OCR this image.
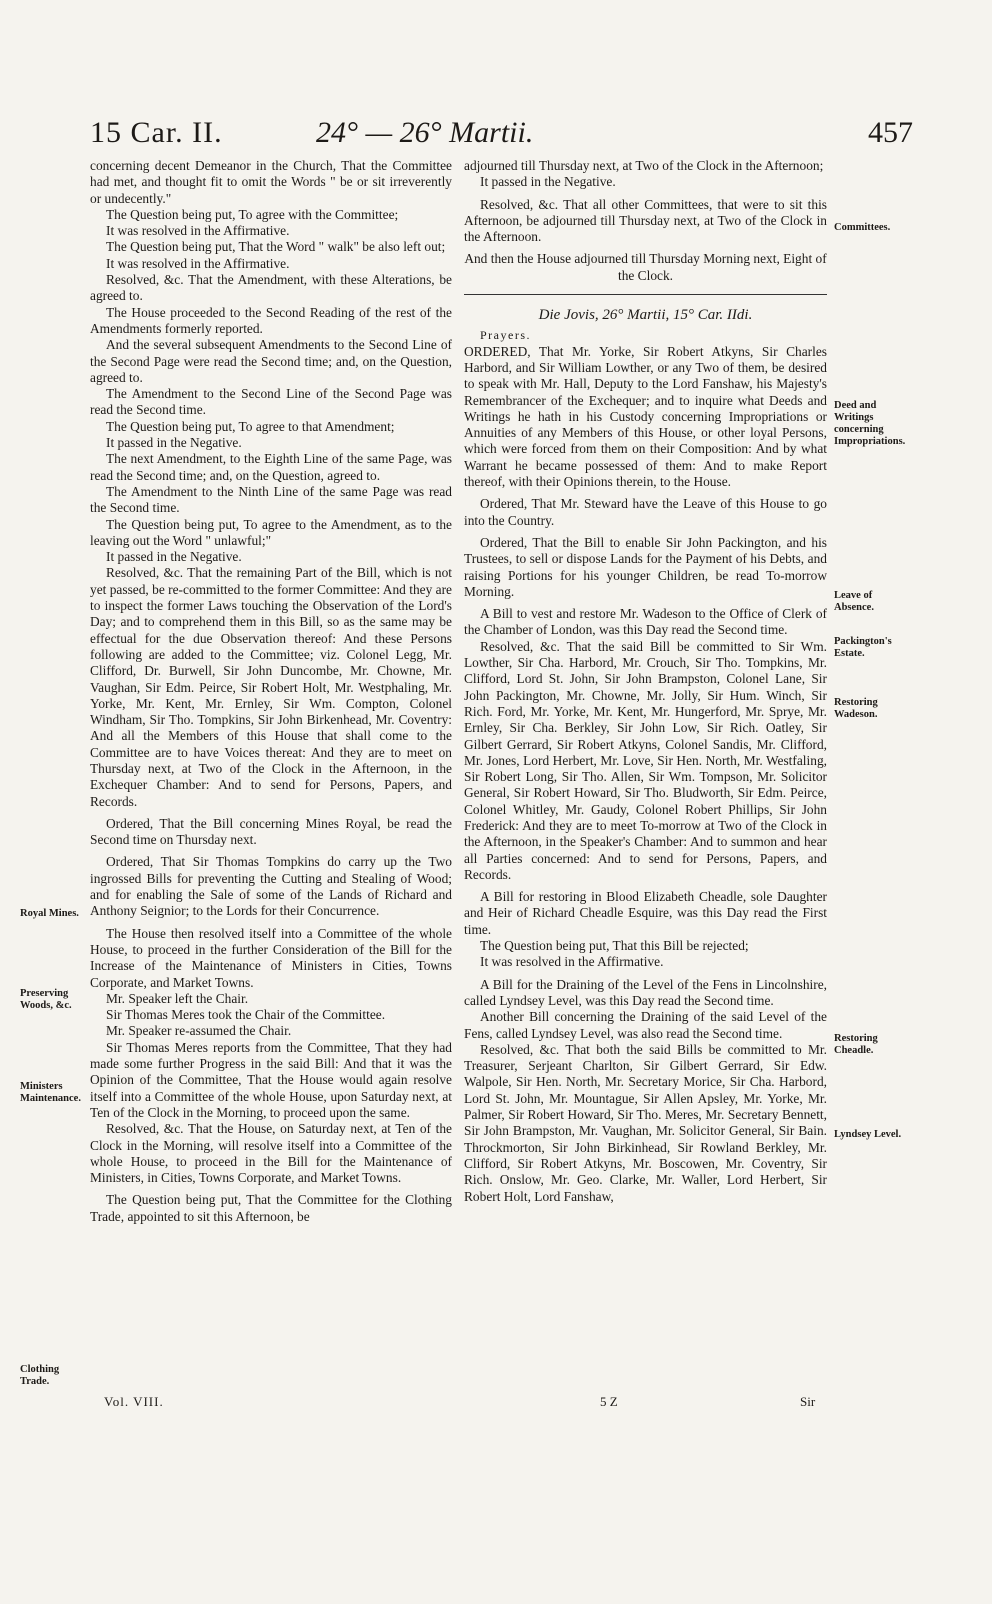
15 Car. II.	24° — 26° Martii.	457

concerning decent Demeanor in the Church, That the Committee had met, and thought fit to omit the Words " be or sit irreverently or undecently."

The Question being put, To agree with the Committee;

It was resolved in the Affirmative.

The Question being put, That the Word " walk" be also left out;

It was resolved in the Affirmative.

Resolved, &c. That the Amendment, with these Alterations, be agreed to.

The House proceeded to the Second Reading of the rest of the Amendments formerly reported.

And the several subsequent Amendments to the Second Line of the Second Page were read the Second time; and, on the Question, agreed to.

The Amendment to the Second Line of the Second Page was read the Second time.

The Question being put, To agree to that Amendment;

It passed in the Negative.

The next Amendment, to the Eighth Line of the same Page, was read the Second time; and, on the Question, agreed to.

The Amendment to the Ninth Line of the same Page was read the Second time.

The Question being put, To agree to the Amendment, as to the leaving out the Word " unlawful;"

It passed in the Negative.

Resolved, &c. That the remaining Part of the Bill, which is not yet passed, be re-committed to the former Committee: And they are to inspect the former Laws touching the Observation of the Lord's Day; and to comprehend them in this Bill, so as the same may be effectual for the due Observation thereof: And these Persons following are added to the Committee; viz. Colonel Legg, Mr. Clifford, Dr. Burwell, Sir John Duncombe, Mr. Chowne, Mr. Vaughan, Sir Edm. Peirce, Sir Robert Holt, Mr. Westphaling, Mr. Yorke, Mr. Kent, Mr. Ernley, Sir Wm. Compton, Colonel Windham, Sir Tho. Tompkins, Sir John Birkenhead, Mr. Coventry: And all the Members of this House that shall come to the Committee are to have Voices thereat: And they are to meet on Thursday next, at Two of the Clock in the Afternoon, in the Exchequer Chamber: And to send for Persons, Papers, and Records.

Ordered, That the Bill concerning Mines Royal, be read the Second time on Thursday next.

Ordered, That Sir Thomas Tompkins do carry up the Two ingrossed Bills for preventing the Cutting and Stealing of Wood; and for enabling the Sale of some of the Lands of Richard and Anthony Seignior; to the Lords for their Concurrence.

The House then resolved itself into a Committee of the whole House, to proceed in the further Consideration of the Bill for the Increase of the Maintenance of Ministers in Cities, Towns Corporate, and Market Towns.

Mr. Speaker left the Chair.

Sir Thomas Meres took the Chair of the Committee.

Mr. Speaker re-assumed the Chair.

Sir Thomas Meres reports from the Committee, That they had made some further Progress in the said Bill: And that it was the Opinion of the Committee, That the House would again resolve itself into a Committee of the whole House, upon Saturday next, at Ten of the Clock in the Morning, to proceed upon the same.

Resolved, &c. That the House, on Saturday next, at Ten of the Clock in the Morning, will resolve itself into a Committee of the whole House, to proceed in the Bill for the Maintenance of Ministers, in Cities, Towns Corporate, and Market Towns.

The Question being put, That the Committee for the Clothing Trade, appointed to sit this Afternoon, be

adjourned till Thursday next, at Two of the Clock in the Afternoon;

It passed in the Negative.

Resolved, &c. That all other Committees, that were to sit this Afternoon, be adjourned till Thursday next, at Two of the Clock in the Afternoon.

And then the House adjourned till Thursday Morning next, Eight of the Clock.

Die Jovis, 26° Martii, 15° Car. IIdi.

Prayers.

ORDERED, That Mr. Yorke, Sir Robert Atkyns, Sir Charles Harbord, and Sir William Lowther, or any Two of them, be desired to speak with Mr. Hall, Deputy to the Lord Fanshaw, his Majesty's Remembrancer of the Exchequer; and to inquire what Deeds and Writings he hath in his Custody concerning Impropriations or Annuities of any Members of this House, or other loyal Persons, which were forced from them on their Composition: And by what Warrant he became possessed of them: And to make Report thereof, with their Opinions therein, to the House.

Ordered, That Mr. Steward have the Leave of this House to go into the Country.

Ordered, That the Bill to enable Sir John Packington, and his Trustees, to sell or dispose Lands for the Payment of his Debts, and raising Portions for his younger Children, be read To-morrow Morning.

A Bill to vest and restore Mr. Wadeson to the Office of Clerk of the Chamber of London, was this Day read the Second time.

Resolved, &c. That the said Bill be committed to Sir Wm. Lowther, Sir Cha. Harbord, Mr. Crouch, Sir Tho. Tompkins, Mr. Clifford, Lord St. John, Sir John Brampston, Colonel Lane, Sir John Packington, Mr. Chowne, Mr. Jolly, Sir Hum. Winch, Sir Rich. Ford, Mr. Yorke, Mr. Kent, Mr. Hungerford, Mr. Sprye, Mr. Ernley, Sir Cha. Berkley, Sir John Low, Sir Rich. Oatley, Sir Gilbert Gerrard, Sir Robert Atkyns, Colonel Sandis, Mr. Clifford, Mr. Jones, Lord Herbert, Mr. Love, Sir Hen. North, Mr. Westfaling, Sir Robert Long, Sir Tho. Allen, Sir Wm. Tompson, Mr. Solicitor General, Sir Robert Howard, Sir Tho. Bludworth, Sir Edm. Peirce, Colonel Whitley, Mr. Gaudy, Colonel Robert Phillips, Sir John Frederick: And they are to meet To-morrow at Two of the Clock in the Afternoon, in the Speaker's Chamber: And to summon and hear all Parties concerned: And to send for Persons, Papers, and Records.

A Bill for restoring in Blood Elizabeth Cheadle, sole Daughter and Heir of Richard Cheadle Esquire, was this Day read the First time.

The Question being put, That this Bill be rejected;

It was resolved in the Affirmative.

A Bill for the Draining of the Level of the Fens in Lincolnshire, called Lyndsey Level, was this Day read the Second time.

Another Bill concerning the Draining of the said Level of the Fens, called Lyndsey Level, was also read the Second time.

Resolved, &c. That both the said Bills be committed to Mr. Treasurer, Serjeant Charlton, Sir Gilbert Gerrard, Sir Edw. Walpole, Sir Hen. North, Mr. Secretary Morice, Sir Cha. Harbord, Lord St. John, Mr. Mountague, Sir Allen Apsley, Mr. Yorke, Mr. Palmer, Sir Robert Howard, Sir Tho. Meres, Mr. Secretary Bennett, Sir John Brampston, Mr. Vaughan, Mr. Solicitor General, Sir Bain. Throckmorton, Sir John Birkinhead, Sir Rowland Berkley, Mr. Clifford, Sir Robert Atkyns, Mr. Boscowen, Mr. Coventry, Sir Rich. Onslow, Mr. Geo. Clarke, Mr. Waller, Lord Herbert, Sir Robert Holt, Lord Fanshaw,

Royal Mines.
Preserving Woods, &c.
Ministers Maintenance.
Clothing Trade.
Committees.
Deed and Writings concerning Impropriations.
Leave of Absence.
Packington's Estate.
Restoring Wadeson.
Restoring Cheadle.
Lyndsey Level.
Vol. VIII.	5 Z	Sir
